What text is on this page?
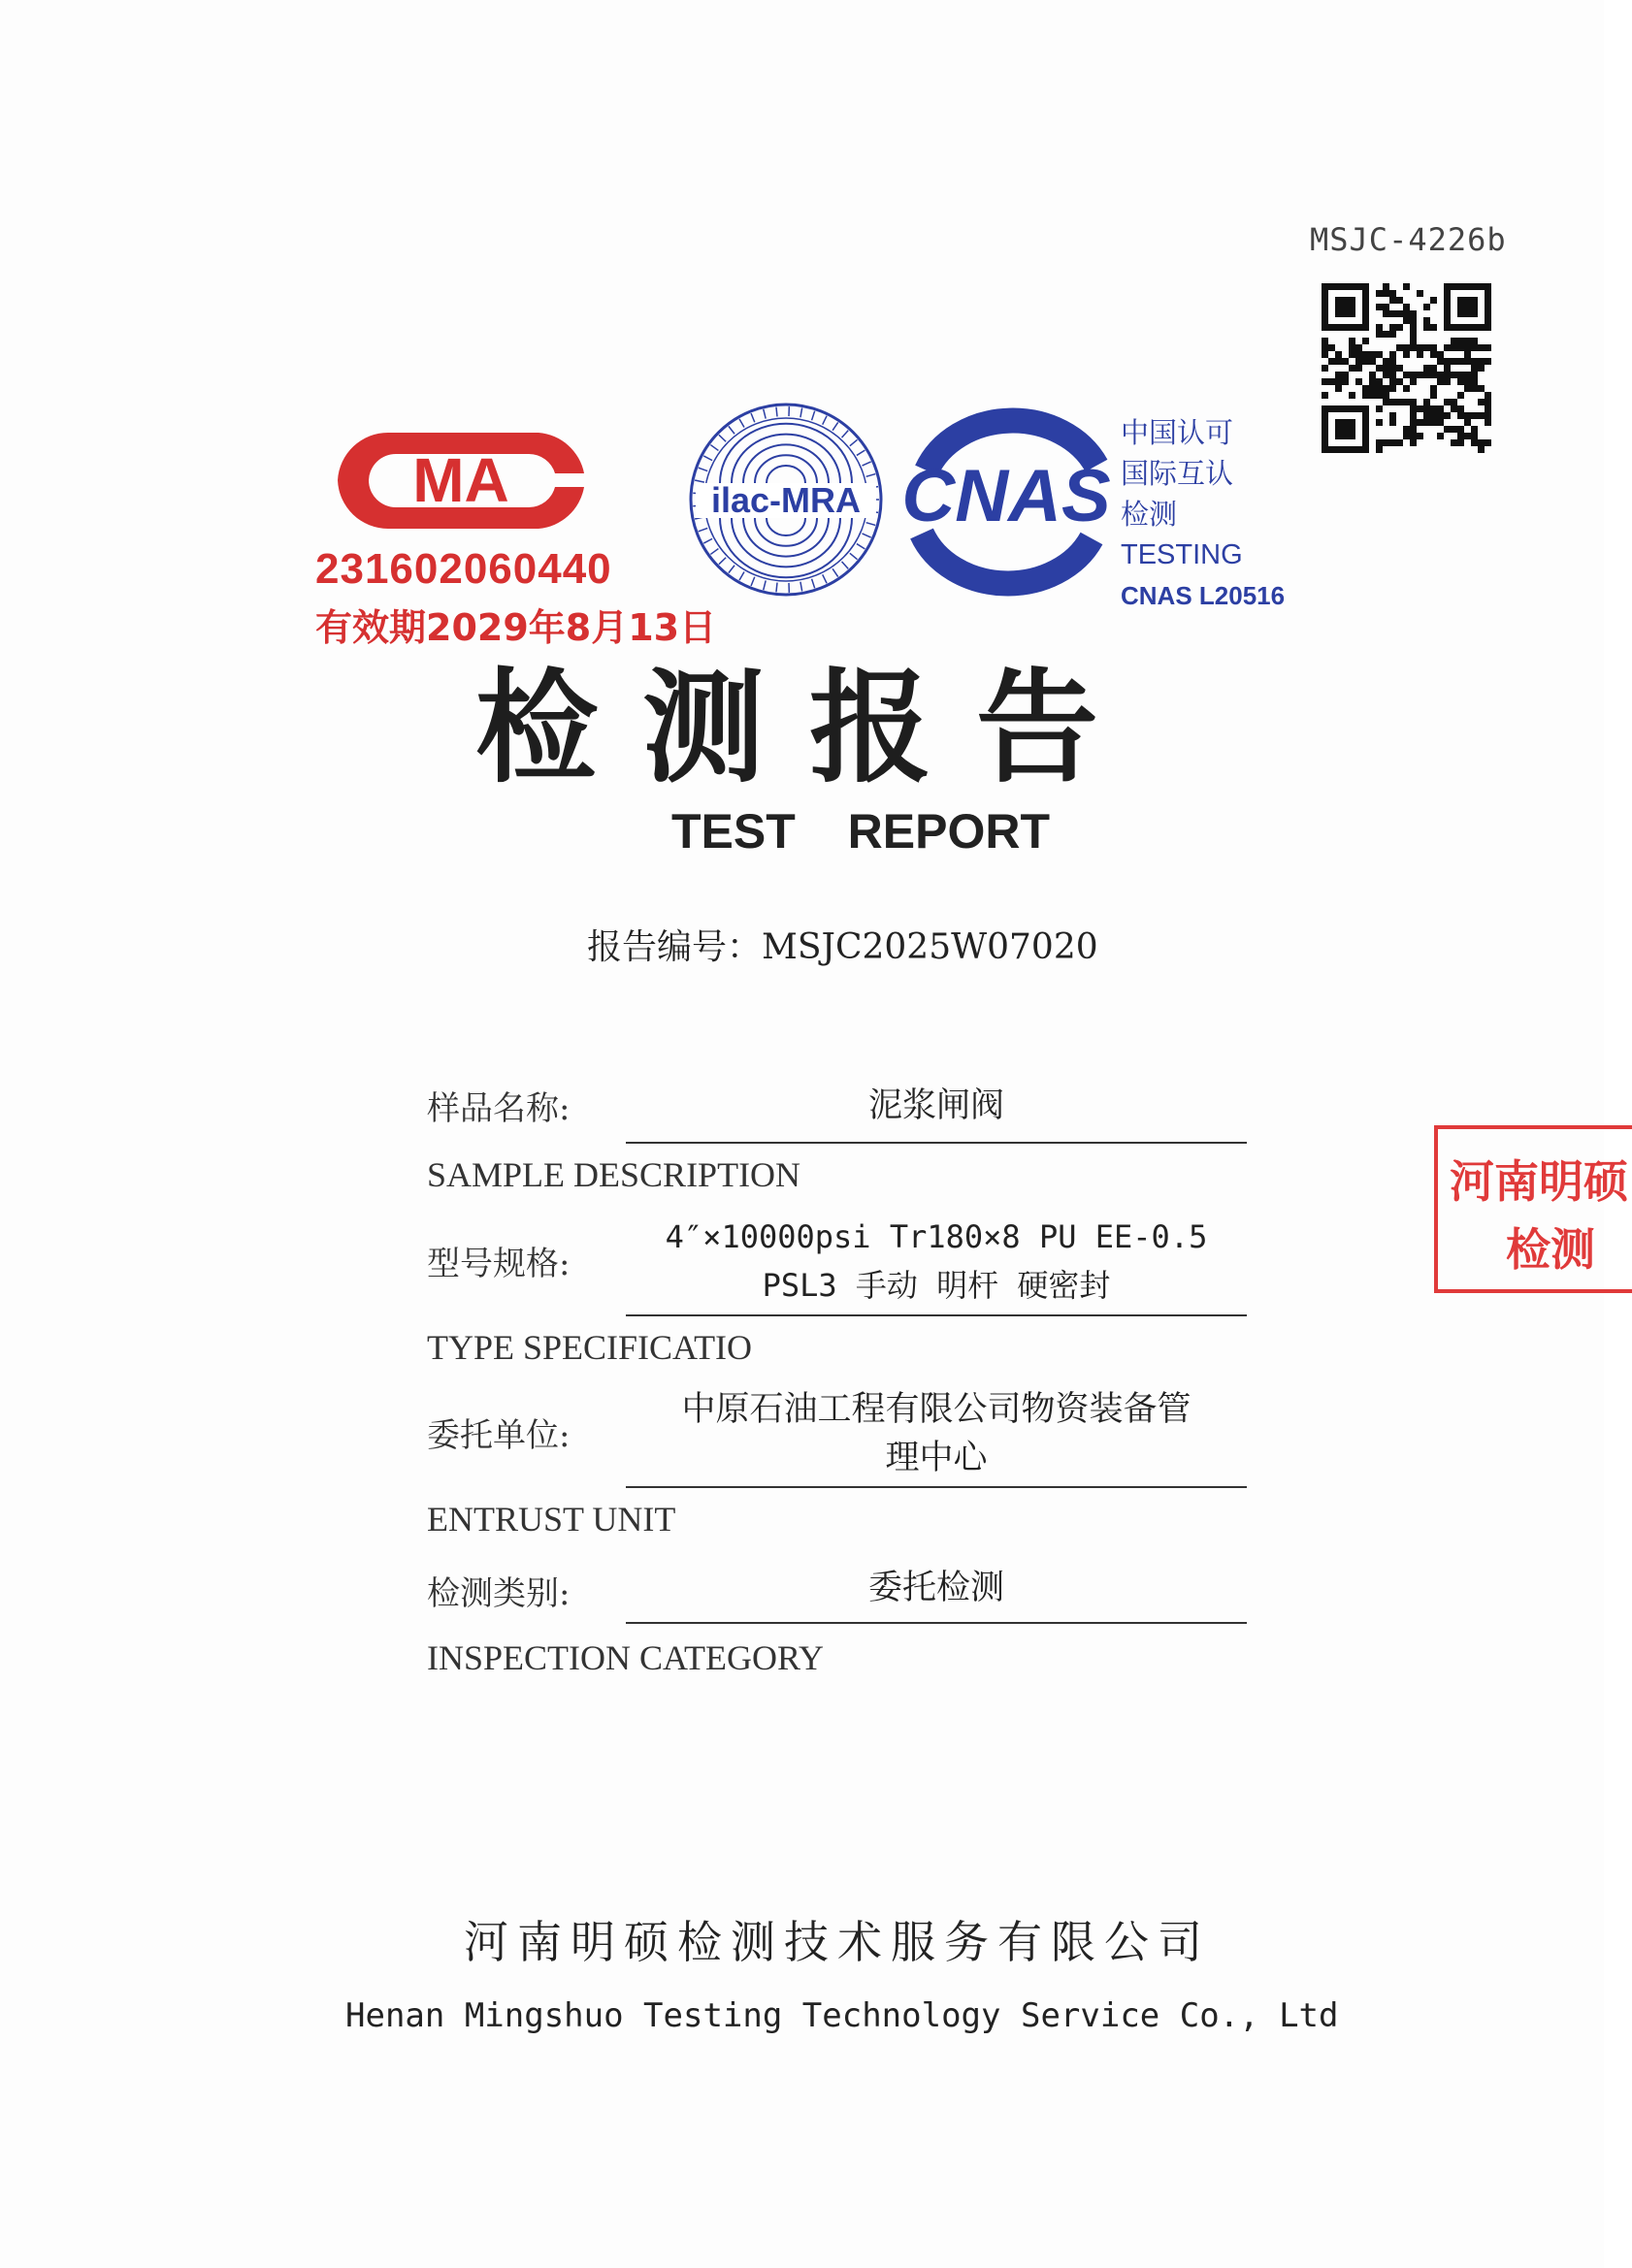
MSJC-4226b
MA
231602060440
有效期2029年8月13日
ilac-MRA CNAS
中国认可
国际互认
检测
TESTING
CNAS L20516
检测报告
TEST REPORT
报告编号：MSJC2025W07020
样品名称:	泥浆闸阀
SAMPLE DESCRIPTION
型号规格:
4″×10000psi Tr180×8 PU EE-0.5
PSL3 手动 明杆 硬密封
TYPE SPECIFICATIO
委托单位:
中原石油工程有限公司物资装备管
理中心
ENTRUST UNIT
检测类别:	委托检测
INSPECTION CATEGORY
河南明硕
检测
河南明硕检测技术服务有限公司
Henan Mingshuo Testing Technology Service Co., Ltd
